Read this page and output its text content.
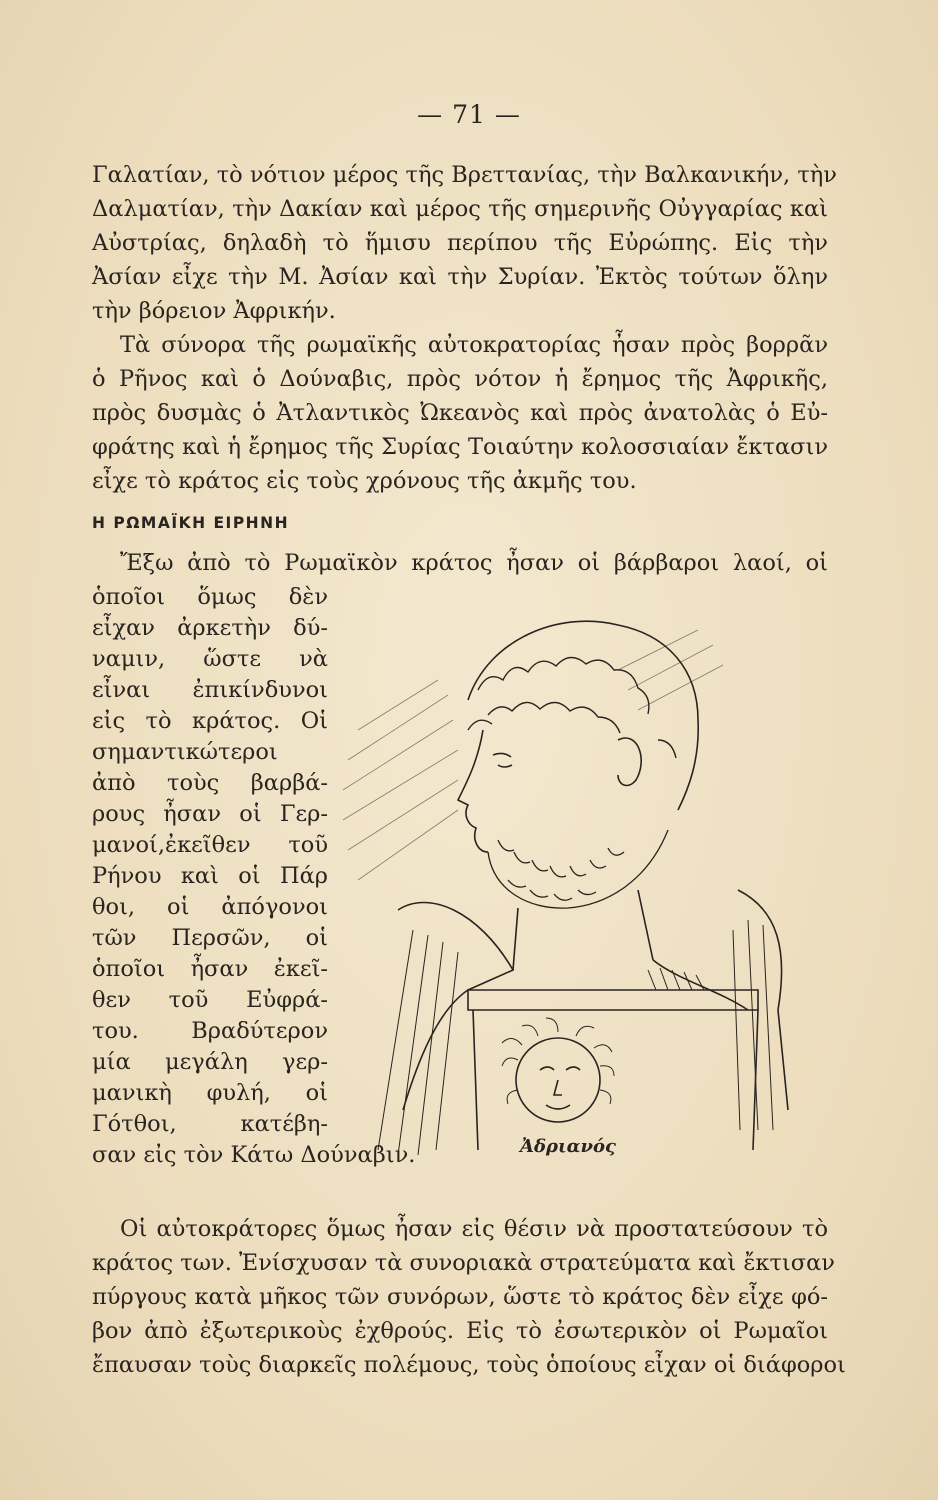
— 71 —
Γαλατίαν, τὸ νότιον μέρος τῆς Βρεττανίας, τὴν Βαλκανικήν, τὴν
Δαλματίαν, τὴν Δακίαν καὶ μέρος τῆς σημερινῆς Οὐγγαρίας καὶ
Αὐστρίας, δηλαδὴ τὸ ἥμισυ περίπου τῆς Εὐρώπης. Εἰς τὴν
Ἀσίαν εἶχε τὴν Μ. Ἀσίαν καὶ τὴν Συρίαν. Ἐκτὸς τούτων ὅλην
τὴν βόρειον Ἀφρικήν.
Τὰ σύνορα τῆς ρωμαϊκῆς αὐτοκρατορίας ἦσαν πρὸς βορρᾶν
ὁ Ρῆνος καὶ ὁ Δούναβις, πρὸς νότον ἡ ἔρημος τῆς Ἀφρικῆς,
πρὸς δυσμὰς ὁ Ἀτλαντικὸς Ὠκεανὸς καὶ πρὸς ἀνατολὰς ὁ Εὐ-
φράτης καὶ ἡ ἔρημος τῆς Συρίας Τοιαύτην κολοσσιαίαν ἔκτασιν
εἶχε τὸ κράτος εἰς τοὺς χρόνους τῆς ἀκμῆς του.
Η ΡΩΜΑΪΚΗ ΕΙΡΗΝΗ
Ἔξω ἀπὸ τὸ Ρωμαϊκὸν κράτος ἦσαν οἱ βάρβαροι λαοί, οἱ
ὁποῖοι ὅμως δὲν
εἶχαν ἀρκετὴν δύ-
ναμιν, ὥστε νὰ
εἶναι ἐπικίνδυνοι
εἰς τὸ κράτος. Οἱ
σημαντικώτεροι
ἀπὸ τοὺς βαρβά-
ρους ἦσαν οἱ Γερ-
μανοί,ἐκεῖθεν τοῦ
Ρήνου καὶ οἱ Πάρ
θοι, οἱ ἀπόγονοι
τῶν Περσῶν, οἱ
ὁποῖοι ἦσαν ἐκεῖ-
θεν τοῦ Εὐφρά-
του. Βραδύτερον
μία μεγάλη γερ-
μανικὴ φυλή, οἱ
Γότθοι, κατέβη-
σαν εἰς τὸν Κάτω Δούναβιν.	Ἀδριανός
Οἱ αὐτοκράτορες ὅμως ἦσαν εἰς θέσιν νὰ προστατεύσουν τὸ
κράτος των. Ἐνίσχυσαν τὰ συνοριακὰ στρατεύματα καὶ ἔκτισαν
πύργους κατὰ μῆκος τῶν συνόρων, ὥστε τὸ κράτος δὲν εἶχε φό-
βον ἀπὸ ἐξωτερικοὺς ἐχθρούς. Εἰς τὸ ἐσωτερικὸν οἱ Ρωμαῖοι
ἔπαυσαν τοὺς διαρκεῖς πολέμους, τοὺς ὁποίους εἶχαν οἱ διάφοροι
